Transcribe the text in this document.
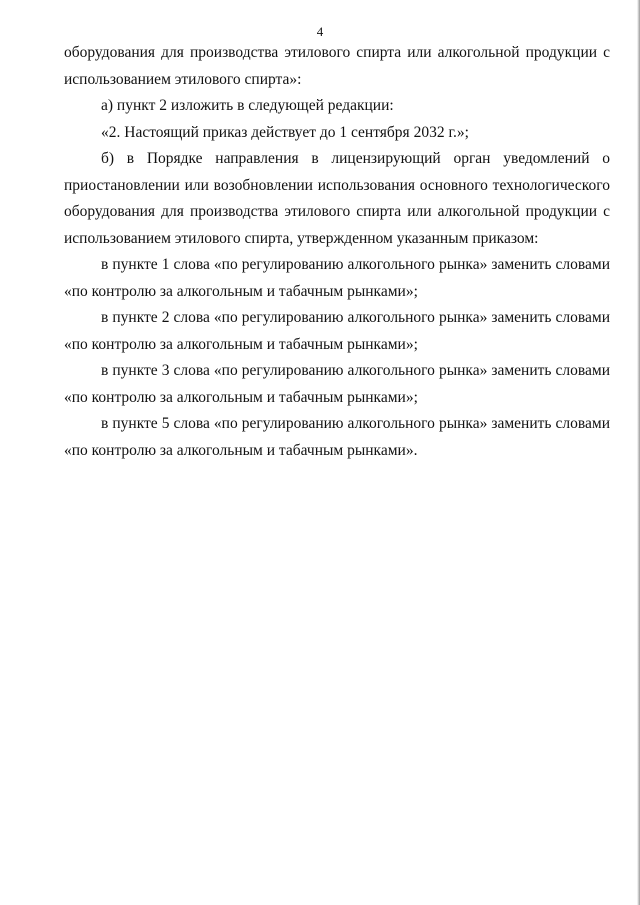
4

оборудования для производства этилового спирта или алкогольной продукции с
использованием этилового спирта»:

а) пункт 2 изложить в следующей редакции:

«2. Настоящий приказ действует до 1 сентября 2032 г.»;

б) в Порядке направления в лицензирующий орган уведомлений о
приостановлении или возобновлении использования основного технологического
оборудования для производства этилового спирта или алкогольной продукции с
использованием этилового спирта, утвержденном указанным приказом:

в пункте 1 слова «по регулированию алкогольного рынка» заменить словами
«по контролю за алкогольным и табачным рынками»;

в пункте 2 слова «по регулированию алкогольного рынка» заменить словами
«по контролю за алкогольным и табачным рынками»;

в пункте 3 слова «по регулированию алкогольного рынка» заменить словами
«по контролю за алкогольным и табачным рынками»;

в пункте 5 слова «по регулированию алкогольного рынка» заменить словами
«по контролю за алкогольным и табачным рынками».
